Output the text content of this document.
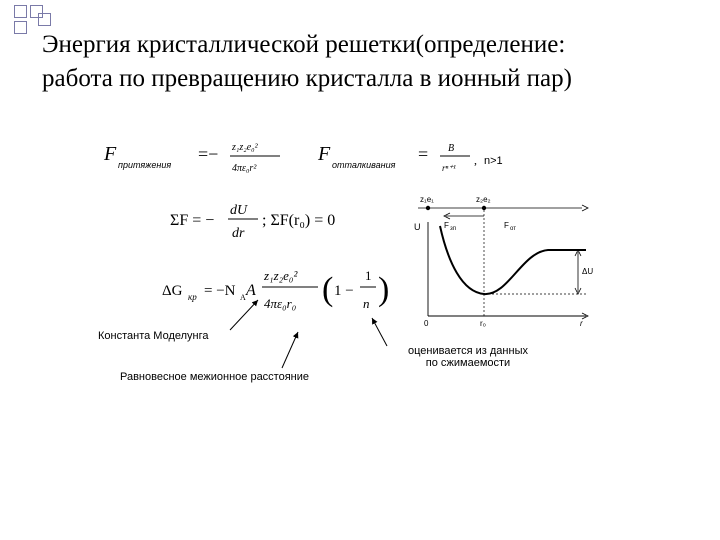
Энергия кристаллической решетки(определение:
работа по превращению кристалла в ионный пар)
F притяжения
=− z₁z₂e₀²
4πε₀r²
F отталкивания
ΣF = −
dU
dr
; ΣF(r₀) = 0
ΔG кр = −N A A
z₁z₂e₀²
4πε₀r₀ ( 1 −
1
n )
= B
rⁿ⁺¹
, n>1
Константа Моделунга
Равновесное межионное расстояние
оценивается из данных
по сжимаемости
z₁e₁	z₂e₂
F зп	F от
U
0	r₀	r
ΔU
